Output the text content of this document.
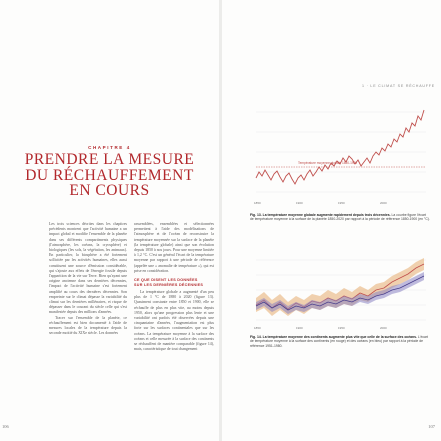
CHAPITRE 4
PRENDRE LA MESURE
DU RÉCHAUFFEMENT
EN COURS

Les trois sciences décrites dans les chapitres précédents montrent que l'activité humaine a un impact global et modifie l'ensemble de la planète dans ses différents compartiments physiques (l'atmosphère, les océans, la cryosphère) et biologiques (les sols, la végétation, les animaux). En particulier, la biosphère a été fortement sollicitée par les activités humaines, elles aussi constituent une source d'émission considérable, qui s'ajoute aux effets de l'énergie fossile depuis l'apparition de la vie sur Terre. Bien qu'ayant une origine ancienne dans ses dernières décennies, l'impact de l'activité humaine s'est fortement amplifié au cours des dernières décennies. Son empreinte sur le climat dépasse la variabilité du climat sur les dernières millénaires, et risque de dépasser dans le courant du siècle celle qui s'est manifestée depuis des millions d'années.

Tracer sur l'ensemble de la planète, ce réchauffement est bien documenté à l'aide de mesures locales de la température depuis la seconde moitié du XIXe siècle. Les données

rassemblées, ensemblées et sélectionnées permettent à l'aide des modélisations de l'atmosphère et de l'océan de reconstruire la température moyennée sur la surface de la planète (la température globale) ainsi que son évolution depuis 1850 à nos jours. Pour une moyenne limitée à 1,2 °C. C'est un général l'écart de la température moyenne par rapport à une période de référence (appelée une « anomalie de température »), qui est prise en considération.

CE QUE DISENT LES DONNÉES
SUR LES DERNIÈRES DÉCENNIES

La température globale a augmenté d'un peu plus de 1 °C de 1880 à 2020 (figure 13). Quasiment constante entre 1850 et 1900, elle se réchauffe de plus en plus vite, au moins depuis 1950, alors qu'une progression plus lente et une variabilité ont parfois été observées depuis une cinquantaine d'années, l'augmentation est plus forte sur les surfaces continentales que sur les océans. La température moyenne à la surface des océans et celle mesurée à la surface des continents se réchauffent de manière comparable (figure 14), mais, caractéristique de tout changement

106
1 · LE CLIMAT SE RÉCHAUFFE
107
Température moyenne globale 1850-1900
1850	1900	1950	2000
Fig. 13. La température moyenne globale augmente rapidement depuis trois décennies. La courbe figure l'écart de température moyenne à la surface de la planète 1850-2020 par rapport à la période de référence 1850-1900 (en °C).
1850	1900	1950	2000
Fig. 14. La température moyenne des continents augmente plus vite que celle de la surface des océans. L'écart de température moyenne à la surface des continents (en rouge) et des océans (en bleu) par rapport à la période de référence 1951-1980.
